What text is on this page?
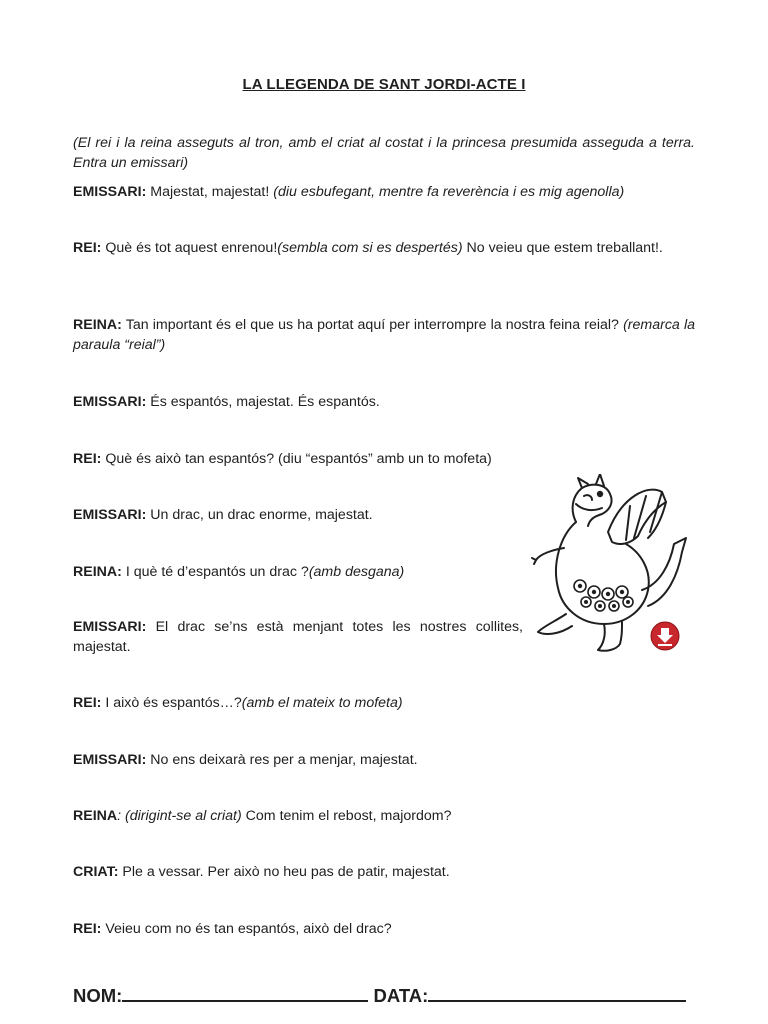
LA LLEGENDA DE SANT JORDI-ACTE I
(El rei i la reina asseguts al tron, amb el criat al costat i la princesa presumida asseguda a terra. Entra un emissari)
EMISSARI: Majestat, majestat! (diu esbufegant, mentre fa reverència i es mig agenolla)
REI: Què és tot aquest enrenou!(sembla com si es despertés) No veieu que estem treballant!.
REINA: Tan important és el que us ha portat aquí per interrompre la nostra feina reial? (remarca la paraula “reial”)
EMISSARI: És espantós, majestat. És espantós.
REI: Què és això tan espantós? (diu “espantós” amb un to mofeta)
EMISSARI: Un drac, un drac enorme, majestat.
REINA: I què té d’espantós un drac ?(amb desgana)
EMISSARI: El drac se’ns està menjant totes les nostres collites, majestat.
REI: I això és espantós…?(amb el mateix to mofeta)
EMISSARI: No ens deixarà res per a menjar, majestat.
REINA: (dirigint-se al criat) Com tenim el rebost, majordom?
CRIAT: Ple a vessar. Per això no heu pas de patir, majestat.
REI: Veieu com no és tan espantós, això del drac?
NOM:	DATA:
